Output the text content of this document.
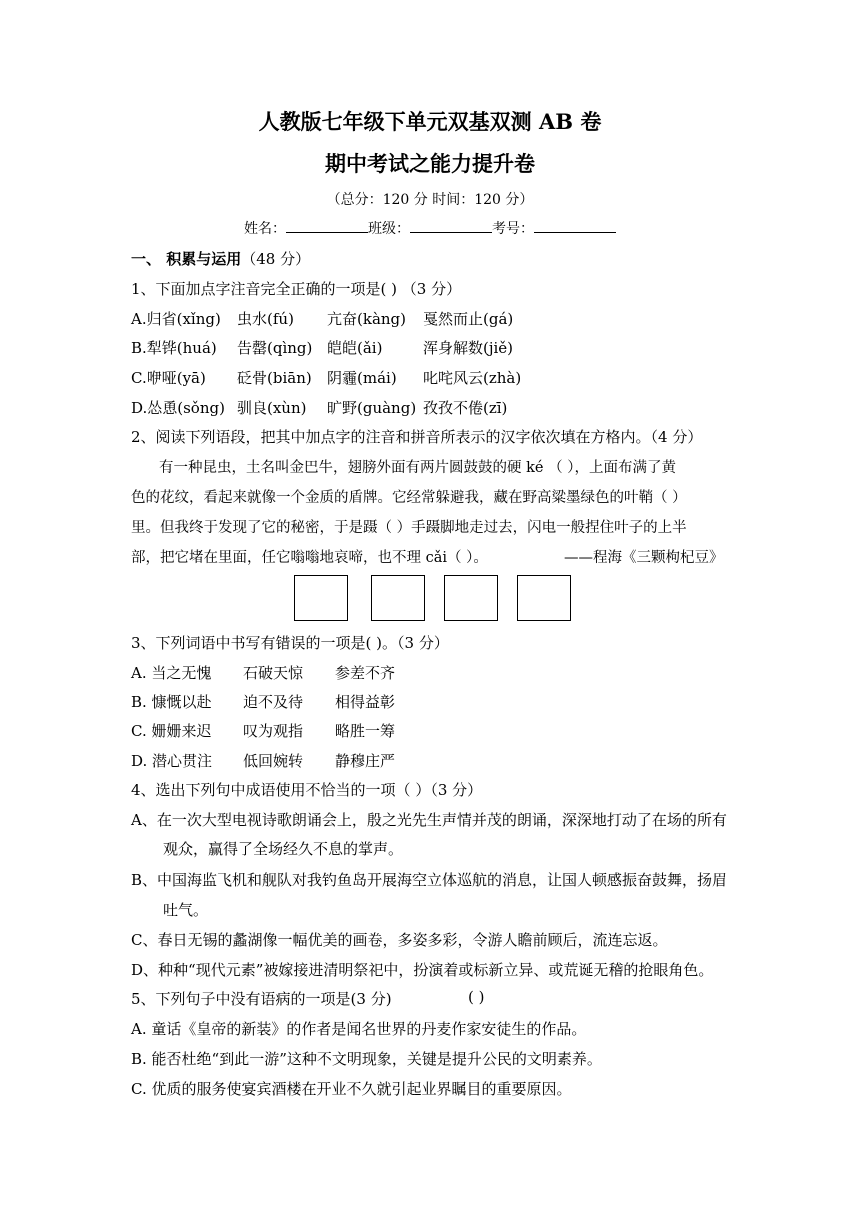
人教版七年级下单元双基双测 AB 卷
期中考试之能力提升卷
（总分：120 分 时间：120 分）
姓名：	班级：	考号：
一、 积累与运用（48 分）
1、下面加点字注音完全正确的一项是( ) （3 分）
A.归省(xǐng) 虫水(fú) 亢奋(kàng) 戛然而止(gá)
B.犁铧(huá) 告罄(qìng) 皑皑(ǎi)	浑身解数(jiě)
C.咿哑(yā) 砭骨(biān) 阴霾(mái) 叱咤风云(zhà)
D.怂恿(sǒng) 驯良(xùn) 旷野(guàng) 孜孜不倦(zī)
2、阅读下列语段，把其中加点字的注音和拼音所表示的汉字依次填在方格内。（4 分）
有一种昆虫，土名叫金巴牛，翅膀外面有两片圆鼓鼓的硬 ké （ ），上面布满了黄
色的花纹，看起来就像一个金质的盾牌。它经常躲避我，藏在野高粱墨绿色的叶鞘（ ）
里。但我终于发现了它的秘密，于是蹑（ ）手蹑脚地走过去，闪电一般捏住叶子的上半
部，把它堵在里面，任它嗡嗡地哀啼，也不理 cǎi（ ）。	——程海《三颗枸杞豆》
3、下列词语中书写有错误的一项是( )。（3 分）
A. 当之无愧 石破天惊 参差不齐
B. 慷慨以赴 迫不及待 相得益彰
C. 姗姗来迟 叹为观指 略胜一筹
D. 潜心贯注 低回婉转 静穆庄严
4、选出下列句中成语使用不恰当的一项（ ）（3 分）
A、在一次大型电视诗歌朗诵会上，殷之光先生声情并茂的朗诵，深深地打动了在场的所有
观众，赢得了全场经久不息的掌声。
B、中国海监飞机和舰队对我钓鱼岛开展海空立体巡航的消息，让国人顿感振奋鼓舞，扬眉
吐气。
C、春日无锡的蠡湖像一幅优美的画卷，多姿多彩，令游人瞻前顾后，流连忘返。
D、种种“现代元素”被嫁接进清明祭祀中，扮演着或标新立异、或荒诞无稽的抢眼角色。
5、下列句子中没有语病的一项是(3 分)	( )
A. 童话《皇帝的新装》的作者是闻名世界的丹麦作家安徒生的作品。
B. 能否杜绝“到此一游”这种不文明现象，关键是提升公民的文明素养。
C. 优质的服务使宴宾酒楼在开业不久就引起业界瞩目的重要原因。
